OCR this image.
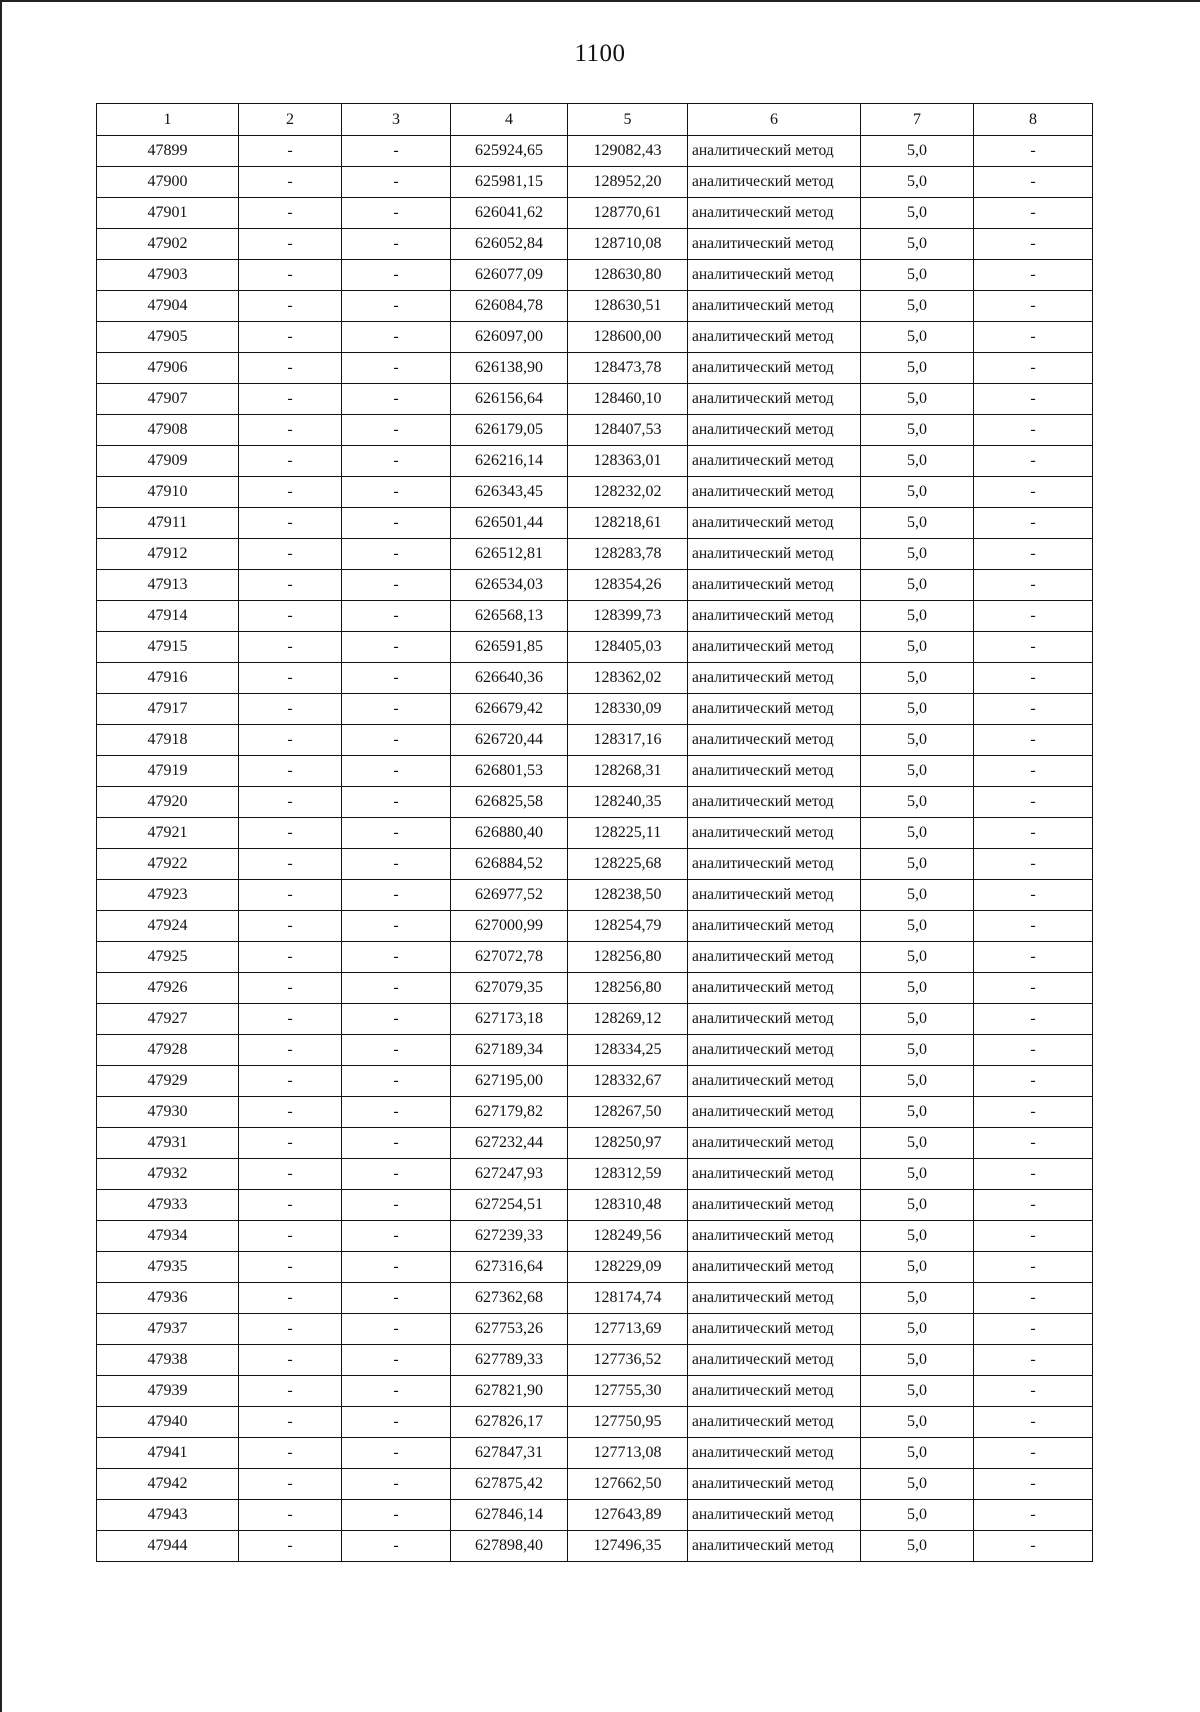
1100
1	2	3	4	5	6	7	8
47899	-	-	625924,65	129082,43	аналитический метод	5,0	-
47900	-	-	625981,15	128952,20	аналитический метод	5,0	-
47901	-	-	626041,62	128770,61	аналитический метод	5,0	-
47902	-	-	626052,84	128710,08	аналитический метод	5,0	-
47903	-	-	626077,09	128630,80	аналитический метод	5,0	-
47904	-	-	626084,78	128630,51	аналитический метод	5,0	-
47905	-	-	626097,00	128600,00	аналитический метод	5,0	-
47906	-	-	626138,90	128473,78	аналитический метод	5,0	-
47907	-	-	626156,64	128460,10	аналитический метод	5,0	-
47908	-	-	626179,05	128407,53	аналитический метод	5,0	-
47909	-	-	626216,14	128363,01	аналитический метод	5,0	-
47910	-	-	626343,45	128232,02	аналитический метод	5,0	-
47911	-	-	626501,44	128218,61	аналитический метод	5,0	-
47912	-	-	626512,81	128283,78	аналитический метод	5,0	-
47913	-	-	626534,03	128354,26	аналитический метод	5,0	-
47914	-	-	626568,13	128399,73	аналитический метод	5,0	-
47915	-	-	626591,85	128405,03	аналитический метод	5,0	-
47916	-	-	626640,36	128362,02	аналитический метод	5,0	-
47917	-	-	626679,42	128330,09	аналитический метод	5,0	-
47918	-	-	626720,44	128317,16	аналитический метод	5,0	-
47919	-	-	626801,53	128268,31	аналитический метод	5,0	-
47920	-	-	626825,58	128240,35	аналитический метод	5,0	-
47921	-	-	626880,40	128225,11	аналитический метод	5,0	-
47922	-	-	626884,52	128225,68	аналитический метод	5,0	-
47923	-	-	626977,52	128238,50	аналитический метод	5,0	-
47924	-	-	627000,99	128254,79	аналитический метод	5,0	-
47925	-	-	627072,78	128256,80	аналитический метод	5,0	-
47926	-	-	627079,35	128256,80	аналитический метод	5,0	-
47927	-	-	627173,18	128269,12	аналитический метод	5,0	-
47928	-	-	627189,34	128334,25	аналитический метод	5,0	-
47929	-	-	627195,00	128332,67	аналитический метод	5,0	-
47930	-	-	627179,82	128267,50	аналитический метод	5,0	-
47931	-	-	627232,44	128250,97	аналитический метод	5,0	-
47932	-	-	627247,93	128312,59	аналитический метод	5,0	-
47933	-	-	627254,51	128310,48	аналитический метод	5,0	-
47934	-	-	627239,33	128249,56	аналитический метод	5,0	-
47935	-	-	627316,64	128229,09	аналитический метод	5,0	-
47936	-	-	627362,68	128174,74	аналитический метод	5,0	-
47937	-	-	627753,26	127713,69	аналитический метод	5,0	-
47938	-	-	627789,33	127736,52	аналитический метод	5,0	-
47939	-	-	627821,90	127755,30	аналитический метод	5,0	-
47940	-	-	627826,17	127750,95	аналитический метод	5,0	-
47941	-	-	627847,31	127713,08	аналитический метод	5,0	-
47942	-	-	627875,42	127662,50	аналитический метод	5,0	-
47943	-	-	627846,14	127643,89	аналитический метод	5,0	-
47944	-	-	627898,40	127496,35	аналитический метод	5,0	-
